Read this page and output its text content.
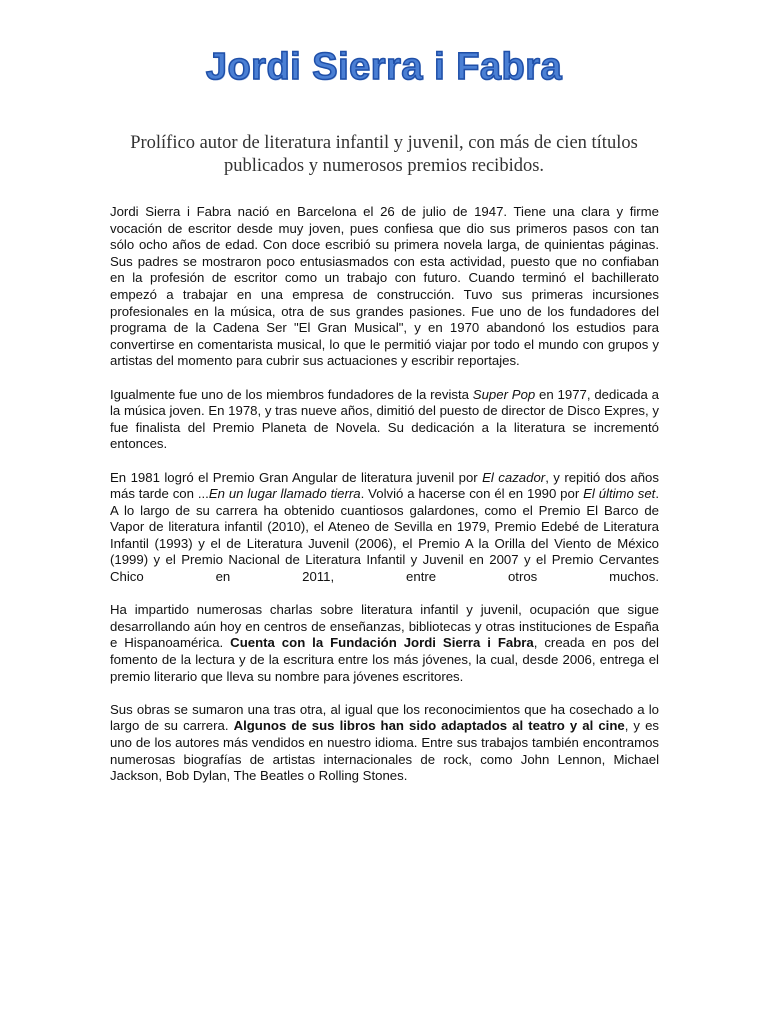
Jordi Sierra i Fabra

Prolífico autor de literatura infantil y juvenil, con más de cien títulos publicados y numerosos premios recibidos.

Jordi Sierra i Fabra nació en Barcelona el 26 de julio de 1947. Tiene una clara y firme vocación de escritor desde muy joven, pues confiesa que dio sus primeros pasos con tan sólo ocho años de edad. Con doce escribió su primera novela larga, de quinientas páginas. Sus padres se mostraron poco entusiasmados con esta actividad, puesto que no confiaban en la profesión de escritor como un trabajo con futuro. Cuando terminó el bachillerato empezó a trabajar en una empresa de construcción. Tuvo sus primeras incursiones profesionales en la música, otra de sus grandes pasiones. Fue uno de los fundadores del programa de la Cadena Ser "El Gran Musical", y en 1970 abandonó los estudios para convertirse en comentarista musical, lo que le permitió viajar por todo el mundo con grupos y artistas del momento para cubrir sus actuaciones y escribir reportajes.

Igualmente fue uno de los miembros fundadores de la revista Super Pop en 1977, dedicada a la música joven. En 1978, y tras nueve años, dimitió del puesto de director de Disco Expres, y fue finalista del Premio Planeta de Novela. Su dedicación a la literatura se incrementó entonces.

En 1981 logró el Premio Gran Angular de literatura juvenil por El cazador, y repitió dos años más tarde con ...En un lugar llamado tierra. Volvió a hacerse con él en 1990 por El último set. A lo largo de su carrera ha obtenido cuantiosos galardones, como el Premio El Barco de Vapor de literatura infantil (2010), el Ateneo de Sevilla en 1979, Premio Edebé de Literatura Infantil (1993) y el de Literatura Juvenil (2006), el Premio A la Orilla del Viento de México (1999) y el Premio Nacional de Literatura Infantil y Juvenil en 2007 y el Premio Cervantes Chico en 2011, entre otros muchos.

Ha impartido numerosas charlas sobre literatura infantil y juvenil, ocupación que sigue desarrollando aún hoy en centros de enseñanzas, bibliotecas y otras instituciones de España e Hispanoamérica. Cuenta con la Fundación Jordi Sierra i Fabra, creada en pos del fomento de la lectura y de la escritura entre los más jóvenes, la cual, desde 2006, entrega el premio literario que lleva su nombre para jóvenes escritores.

Sus obras se sumaron una tras otra, al igual que los reconocimientos que ha cosechado a lo largo de su carrera. Algunos de sus libros han sido adaptados al teatro y al cine, y es uno de los autores más vendidos en nuestro idioma. Entre sus trabajos también encontramos numerosas biografías de artistas internacionales de rock, como John Lennon, Michael Jackson, Bob Dylan, The Beatles o Rolling Stones.
